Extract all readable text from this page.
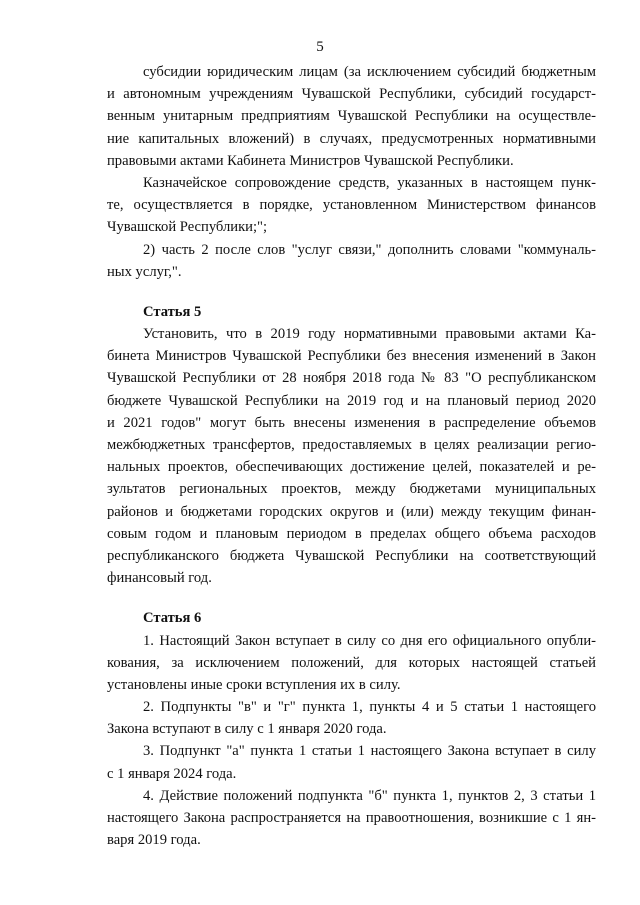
5
субсидии юридическим лицам (за исключением субсидий бюджетным
и автономным учреждениям Чувашской Республики, субсидий государст-
венным унитарным предприятиям Чувашской Республики на осуществле-
ние капитальных вложений) в случаях, предусмотренных нормативными
правовыми актами Кабинета Министров Чувашской Республики.
Казначейское сопровождение средств, указанных в настоящем пунк-
те, осуществляется в порядке, установленном Министерством финансов
Чувашской Республики;";
2) часть 2 после слов "услуг связи," дополнить словами "коммуналь-
ных услуг,".
Статья 5
Установить, что в 2019 году нормативными правовыми актами Ка-
бинета Министров Чувашской Республики без внесения изменений в Закон
Чувашской Республики от 28 ноября 2018 года № 83 "О республиканском
бюджете Чувашской Республики на 2019 год и на плановый период 2020
и 2021 годов" могут быть внесены изменения в распределение объемов
межбюджетных трансфертов, предоставляемых в целях реализации регио-
нальных проектов, обеспечивающих достижение целей, показателей и ре-
зультатов региональных проектов, между бюджетами муниципальных
районов и бюджетами городских округов и (или) между текущим финан-
совым годом и плановым периодом в пределах общего объема расходов
республиканского бюджета Чувашской Республики на соответствующий
финансовый год.
Статья 6
1. Настоящий Закон вступает в силу со дня его официального опубли-
кования, за исключением положений, для которых настоящей статьей
установлены иные сроки вступления их в силу.
2. Подпункты "в" и "г" пункта 1, пункты 4 и 5 статьи 1 настоящего
Закона вступают в силу с 1 января 2020 года.
3. Подпункт "а" пункта 1 статьи 1 настоящего Закона вступает в силу
с 1 января 2024 года.
4. Действие положений подпункта "б" пункта 1, пунктов 2, 3 статьи 1
настоящего Закона распространяется на правоотношения, возникшие с 1 ян-
варя 2019 года.
